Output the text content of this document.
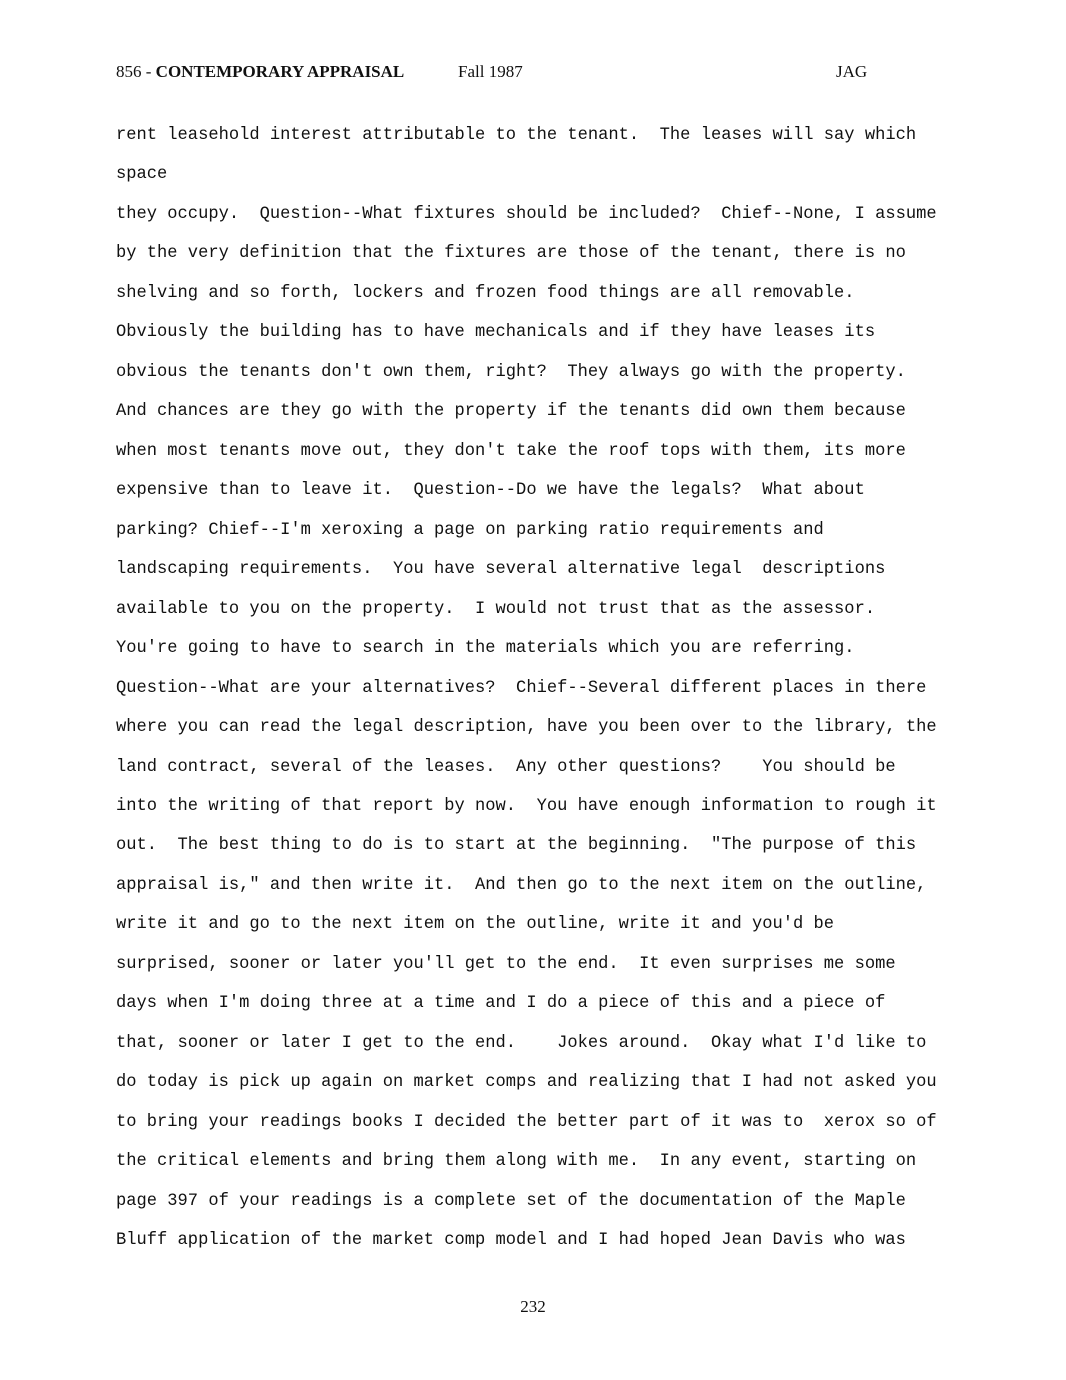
856 - CONTEMPORARY APPRAISAL	Fall 1987	JAG
rent leasehold interest attributable to the tenant.  The leases will say which
space
they occupy.  Question--What fixtures should be included?  Chief--None, I assume
by the very definition that the fixtures are those of the tenant, there is no
shelving and so forth, lockers and frozen food things are all removable.
Obviously the building has to have mechanicals and if they have leases its
obvious the tenants don't own them, right?  They always go with the property.
And chances are they go with the property if the tenants did own them because
when most tenants move out, they don't take the roof tops with them, its more
expensive than to leave it.  Question--Do we have the legals?  What about
parking? Chief--I'm xeroxing a page on parking ratio requirements and
landscaping requirements.  You have several alternative legal  descriptions
available to you on the property.  I would not trust that as the assessor.
You're going to have to search in the materials which you are referring.
Question--What are your alternatives?  Chief--Several different places in there
where you can read the legal description, have you been over to the library, the
land contract, several of the leases.  Any other questions?    You should be
into the writing of that report by now.  You have enough information to rough it
out.  The best thing to do is to start at the beginning.  "The purpose of this
appraisal is," and then write it.  And then go to the next item on the outline,
write it and go to the next item on the outline, write it and you'd be
surprised, sooner or later you'll get to the end.  It even surprises me some
days when I'm doing three at a time and I do a piece of this and a piece of
that, sooner or later I get to the end.    Jokes around.  Okay what I'd like to
do today is pick up again on market comps and realizing that I had not asked you
to bring your readings books I decided the better part of it was to  xerox so of
the critical elements and bring them along with me.  In any event, starting on
page 397 of your readings is a complete set of the documentation of the Maple
Bluff application of the market comp model and I had hoped Jean Davis who was
232
